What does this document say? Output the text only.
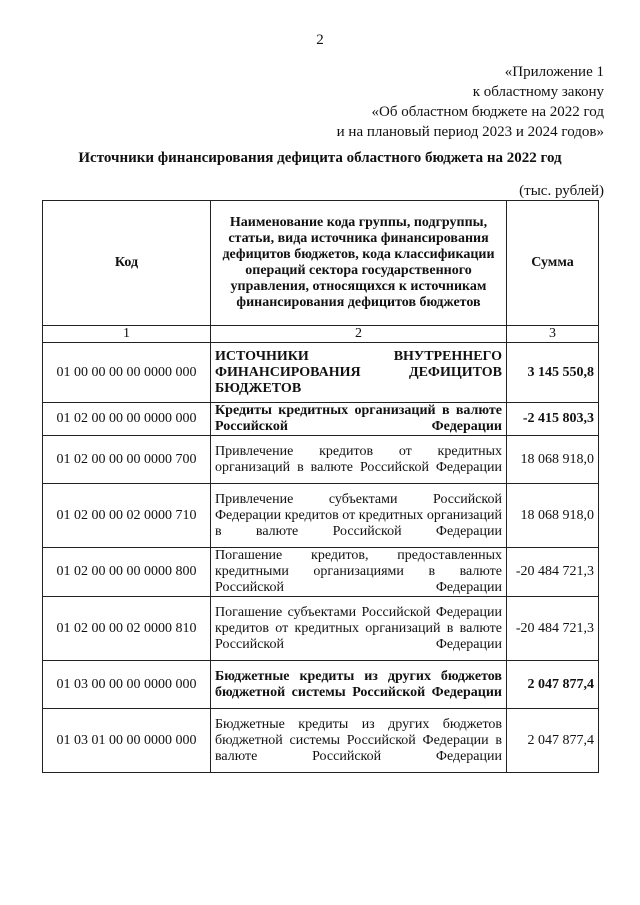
2
«Приложение 1
к областному закону
«Об областном бюджете на 2022 год
и на плановый период 2023 и 2024 годов»
Источники финансирования дефицита областного бюджета на 2022 год
(тыс. рублей)
Код	Наименование кода группы, подгруппы, статьи, вида источника финансирования дефицитов бюджетов, кода классификации операций сектора государственного управления, относящихся к источникам финансирования дефицитов бюджетов	Сумма
1	2	3
01 00 00 00 00 0000 000	ИСТОЧНИКИ ВНУТРЕННЕГО ФИНАНСИРОВАНИЯ ДЕФИЦИТОВ БЮДЖЕТОВ	3 145 550,8
01 02 00 00 00 0000 000	Кредиты кредитных организаций в валюте Российской Федерации	-2 415 803,3
01 02 00 00 00 0000 700	Привлечение кредитов от кредитных организаций в валюте Российской Федерации	18 068 918,0
01 02 00 00 02 0000 710	Привлечение субъектами Российской Федерации кредитов от кредитных организаций в валюте Российской Федерации	18 068 918,0
01 02 00 00 00 0000 800	Погашение кредитов, предоставленных кредитными организациями в валюте Российской Федерации	-20 484 721,3
01 02 00 00 02 0000 810	Погашение субъектами Российской Федерации кредитов от кредитных организаций в валюте Российской Федерации	-20 484 721,3
01 03 00 00 00 0000 000	Бюджетные кредиты из других бюджетов бюджетной системы Российской Федерации	2 047 877,4
01 03 01 00 00 0000 000	Бюджетные кредиты из других бюджетов бюджетной системы Российской Федерации в валюте Российской Федерации	2 047 877,4
